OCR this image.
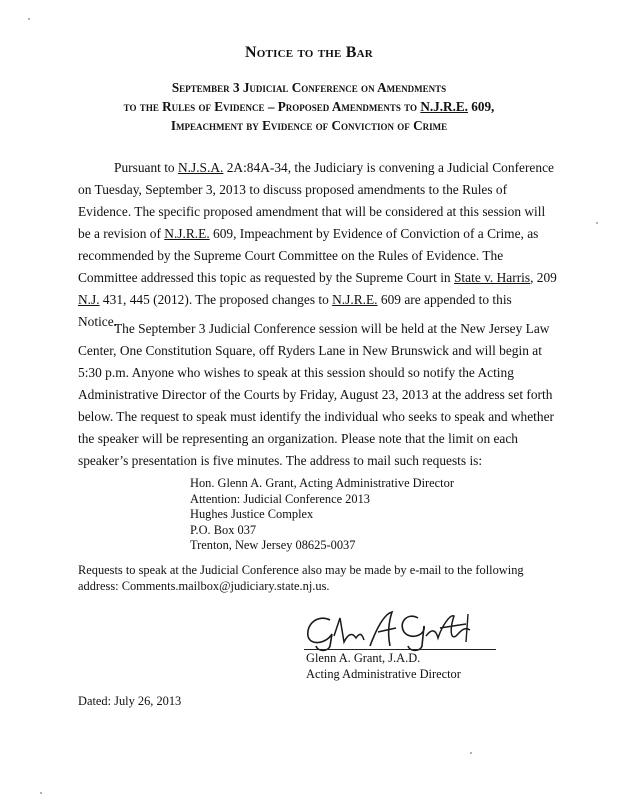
Notice to the Bar
September 3 Judicial Conference on Amendments
to the Rules of Evidence – Proposed Amendments to N.J.R.E. 609,
Impeachment by Evidence of Conviction of Crime
Pursuant to N.J.S.A. 2A:84A-34, the Judiciary is convening a Judicial Conference
on Tuesday, September 3, 2013 to discuss proposed amendments to the Rules of
Evidence. The specific proposed amendment that will be considered at this session will
be a revision of N.J.R.E. 609, Impeachment by Evidence of Conviction of a Crime, as
recommended by the Supreme Court Committee on the Rules of Evidence. The
Committee addressed this topic as requested by the Supreme Court in State v. Harris, 209
N.J. 431, 445 (2012). The proposed changes to N.J.R.E. 609 are appended to this
Notice.
The September 3 Judicial Conference session will be held at the New Jersey Law
Center, One Constitution Square, off Ryders Lane in New Brunswick and will begin at
5:30 p.m. Anyone who wishes to speak at this session should so notify the Acting
Administrative Director of the Courts by Friday, August 23, 2013 at the address set forth
below. The request to speak must identify the individual who seeks to speak and whether
the speaker will be representing an organization. Please note that the limit on each
speaker’s presentation is five minutes. The address to mail such requests is:
Hon. Glenn A. Grant, Acting Administrative Director
Attention: Judicial Conference 2013
Hughes Justice Complex
P.O. Box 037
Trenton, New Jersey 08625-0037
Requests to speak at the Judicial Conference also may be made by e-mail to the following
address: Comments.mailbox@judiciary.state.nj.us.
Glenn A. Grant, J.A.D.
Acting Administrative Director
Dated: July 26, 2013
